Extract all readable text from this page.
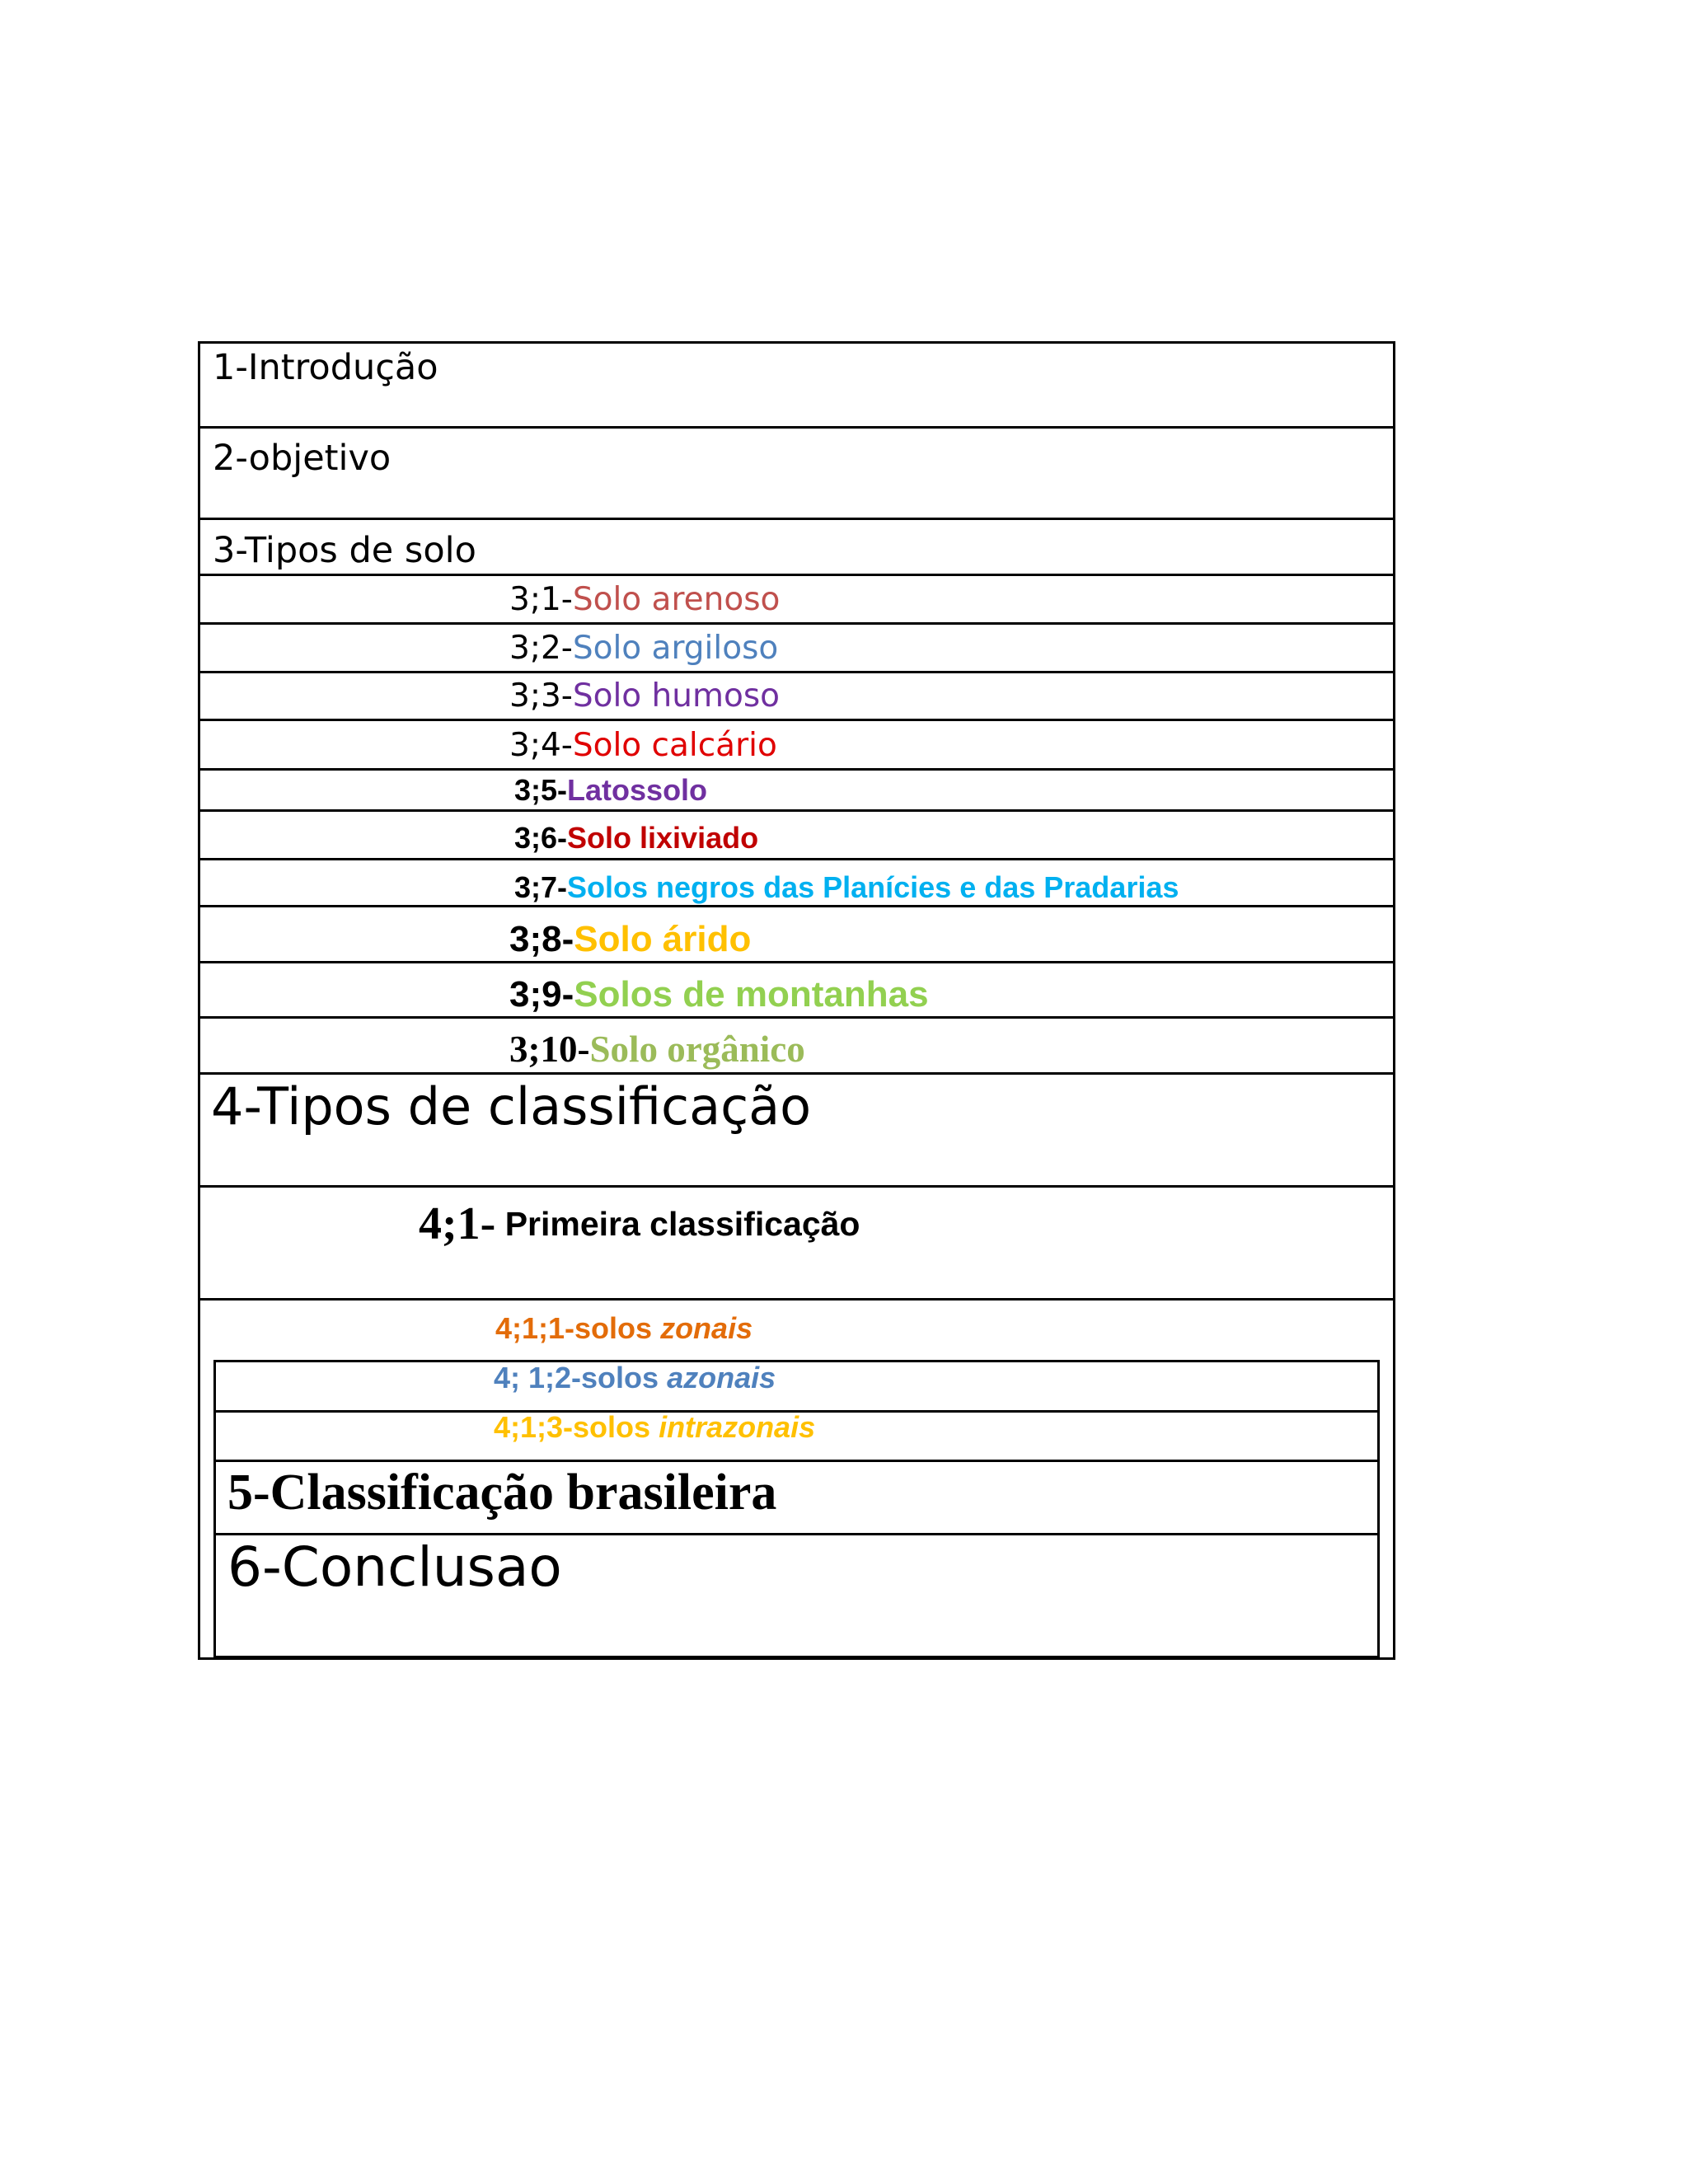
1-Introdução
2-objetivo
3-Tipos de solo
3;1-Solo arenoso
3;2-Solo argiloso
3;3-Solo humoso
3;4-Solo calcário
3;5-Latossolo
3;6-Solo lixiviado
3;7-Solos negros das Planícies e das Pradarias
3;8-Solo árido
3;9-Solos de montanhas
3;10-Solo orgânico
4-Tipos de classificação
4;1- Primeira classificação
4;1;1-solos zonais
4; 1;2-solos azonais
4;1;3-solos intrazonais
5-Classificação brasileira
6-Conclusao
